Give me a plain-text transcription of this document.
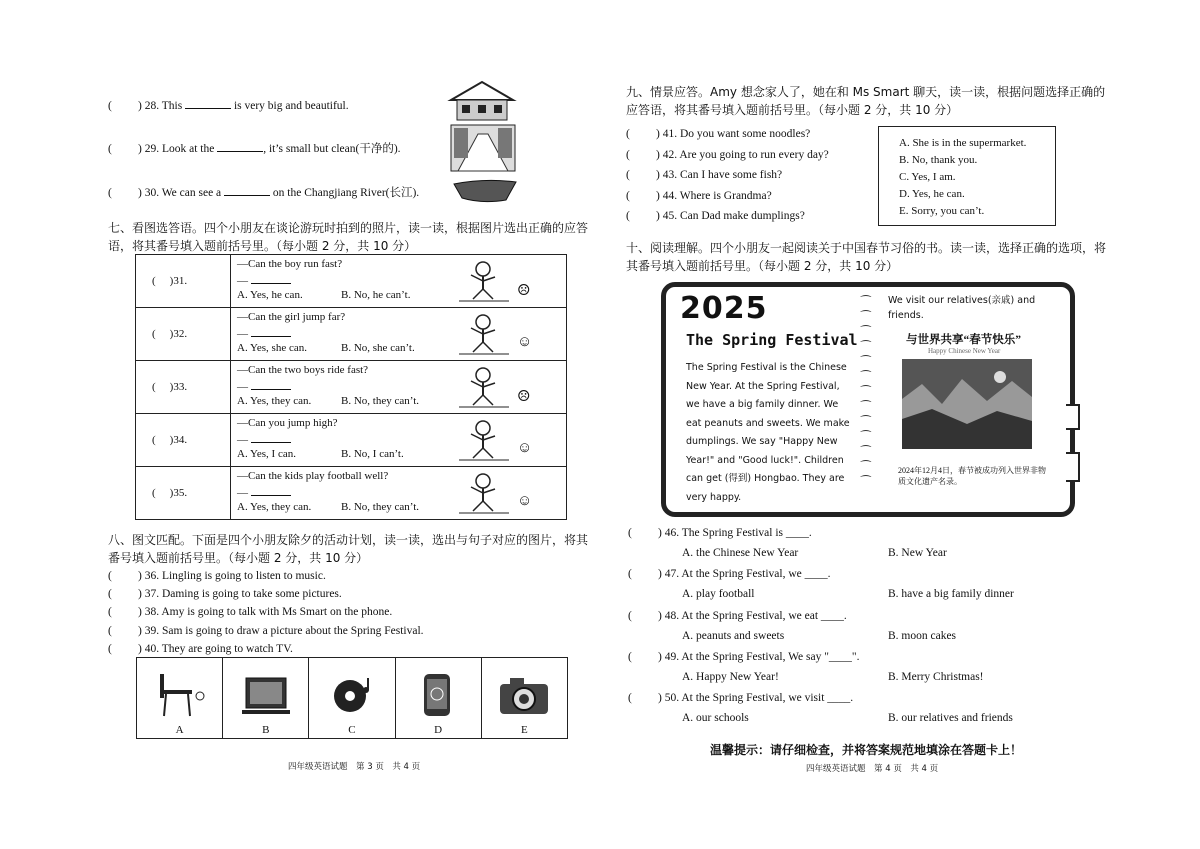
( ) 28. This	is very big and beautiful.
( ) 29. Look at the	, it’s small but clean(干净的).
( ) 30. We can see a	on the Changjiang River(长江).
七、看图选答语。四个小朋友在谈论游玩时拍到的照片，读一读，根据图片选出正确的应答语，将其番号填入题前括号里。（每小题 2 分，共 10 分）
( )31.	—Can the boy run fast?
—
A. Yes, he can. B. No, he can’t. ☹

( )32.	—Can the girl jump far?
—
A. Yes, she can. B. No, she can’t. ☺

( )33.	—Can the two boys ride fast?
—
A. Yes, they can. B. No, they can’t. ☹

( )34.	—Can you jump high?
—
A. Yes, I can. B. No, I can’t. ☺

( )35.	—Can the kids play football well?
—
A. Yes, they can. B. No, they can’t. ☺
八、图文匹配。下面是四个小朋友除夕的活动计划，读一读，选出与句子对应的图片，将其番号填入题前括号里。（每小题 2 分，共 10 分）
( ) 36. Lingling is going to listen to music.
( ) 37. Daming is going to take some pictures.
( ) 38. Amy is going to talk with Ms Smart on the phone.
( ) 39. Sam is going to draw a picture about the Spring Festival.
( ) 40. They are going to watch TV.
A	B	C	D	E
四年级英语试题　第 3 页　共 4 页
九、情景应答。Amy 想念家人了，她在和 Ms Smart 聊天，读一读，根据问题选择正确的应答语，将其番号填入题前括号里。（每小题 2 分，共 10 分）
( ) 41. Do you want some noodles?
( ) 42. Are you going to run every day?
( ) 43. Can I have some fish?
( ) 44. Where is Grandma?
( ) 45. Can Dad make dumplings?
A. She is in the supermarket.
B. No, thank you.
C. Yes, I am.
D. Yes, he can.
E. Sorry, you can’t.
十、阅读理解。四个小朋友一起阅读关于中国春节习俗的书。读一读，选择正确的选项，将其番号填入题前括号里。（每小题 2 分，共 10 分）
2025
The Spring Festival
The Spring Festival is the Chinese New Year. At the Spring Festival, we have a big family dinner. We eat peanuts and sweets. We make dumplings. We say "Happy New Year!" and "Good luck!". Children can get (得到) Hongbao. They are very happy.
⁀
⁀
⁀
⁀
⁀
⁀
⁀
⁀
⁀
⁀
⁀
⁀
⁀
We visit our relatives(亲戚) and friends.
与世界共享“春节快乐”
Happy Chinese New Year
2024年12月4日，春节被成功列入世界非物质文化遗产名录。
( ) 46. The Spring Festival is ____.
A. the Chinese New Year	B. New Year
( ) 47. At the Spring Festival, we ____.
A. play football	B. have a big family dinner
( ) 48. At the Spring Festival, we eat ____.
A. peanuts and sweets	B. moon cakes
( ) 49. At the Spring Festival, We say "____".
A. Happy New Year!	B. Merry Christmas!
( ) 50. At the Spring Festival, we visit ____.
A. our schools	B. our relatives and friends
温馨提示：请仔细检查，并将答案规范地填涂在答题卡上！
四年级英语试题　第 4 页　共 4 页
